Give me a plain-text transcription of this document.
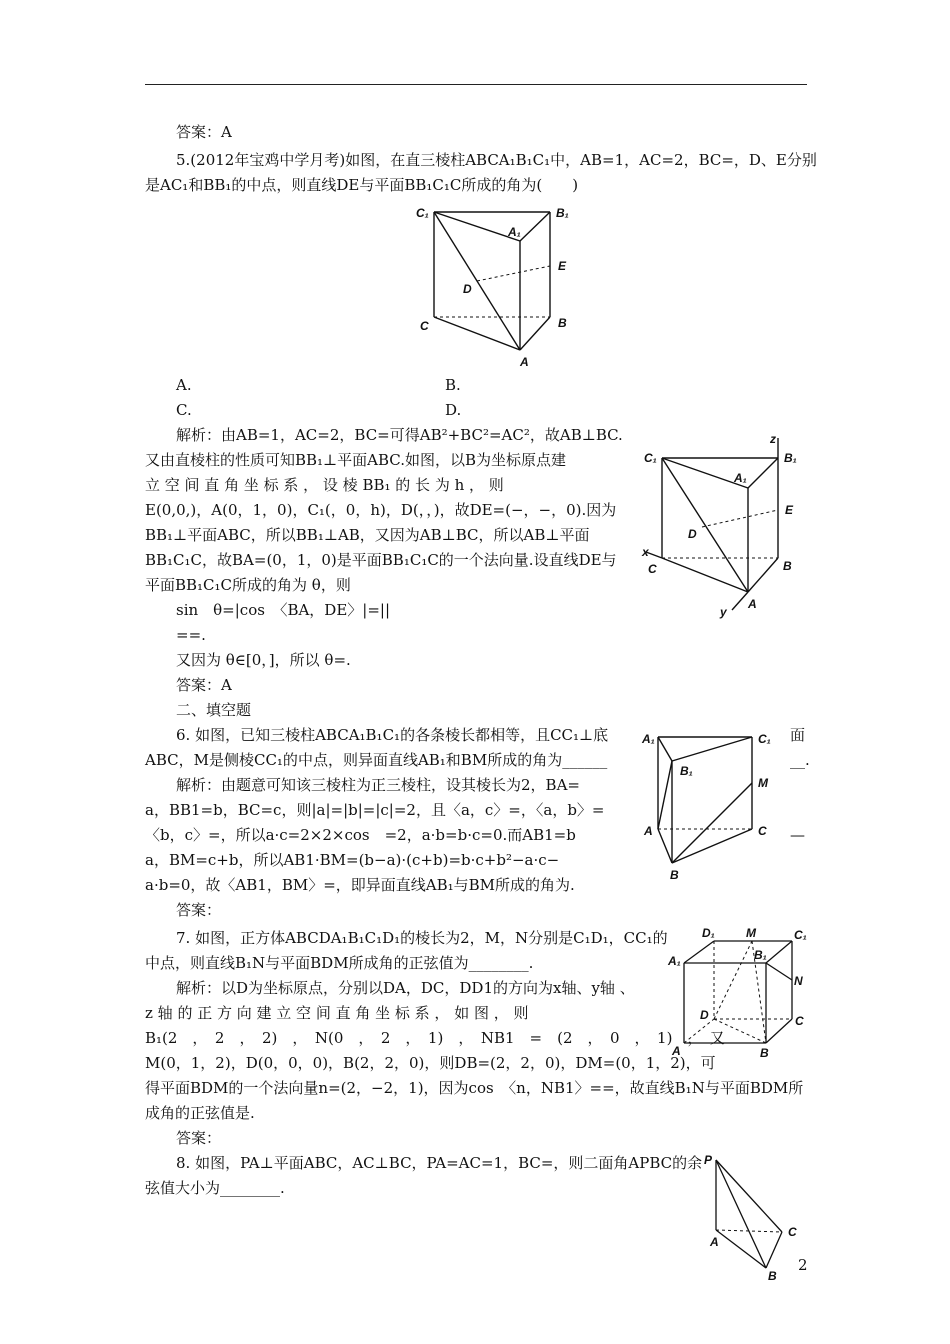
答案：A
5.(2012年宝鸡中学月考)如图，在直三棱柱ABCA₁B₁C₁中，AB=1，AC=2，BC=，D、E分别
是AC₁和BB₁的中点，则直线DE与平面BB₁C₁C所成的角为(　　)
C₁	B₁
A₁
E
D
C	B
A
A.	B.
C.	D.
解析：由AB=1，AC=2，BC=可得AB²+BC²=AC²，故AB⊥BC.
又由直棱柱的性质可知BB₁⊥平面ABC.如图，以B为坐标原点建
立 空 间 直 角 坐 标 系 ， 设 棱 BB₁ 的 长 为 h ， 则
E(0,0,)，A(0，1，0)，C₁(，0，h)，D(，，)，故DE=(−，−，0).因为
BB₁⊥平面ABC，所以BB₁⊥AB，又因为AB⊥BC，所以AB⊥平面
BB₁C₁C，故BA=(0，1，0)是平面BB₁C₁C的一个法向量.设直线DE与
平面BB₁C₁C所成的角为 θ，则
sin　θ=|cos　〈BA，DE〉|=||
==.
又因为 θ∈[0，]，所以 θ=.
答案：A
z
C₁	B₁
A₁
E
D
x
C	B
y
A
二、填空题
6. 如图，已知三棱柱ABCA₁B₁C₁的各条棱长都相等，且CC₁⊥底	面
ABC，M是侧棱CC₁的中点，则异面直线AB₁和BM所成的角为______	__.
解析：由题意可知该三棱柱为正三棱柱，设其棱长为2，BA=
a，BB1=b，BC=c，则|a|=|b|=|c|=2，且〈a，c〉=，〈a，b〉=
〈b，c〉=，所以a·c=2×2×cos　=2，a·b=b·c=0.而AB1=b	—
a，BM=c+b，所以AB1·BM=(b−a)·(c+b)=b·c+b²−a·c−
a·b=0，故〈AB1，BM〉=，即异面直线AB₁与BM所成的角为.
答案：
A₁	C₁
B₁
M
A	C
B
7. 如图，正方体ABCDA₁B₁C₁D₁的棱长为2，M，N分别是C₁D₁，CC₁的
中点，则直线B₁N与平面BDM所成角的正弦值为________.
解析：以D为坐标原点，分别以DA，DC，DD1的方向为x轴、y轴 、
z 轴 的 正 方 向 建 立 空 间 直 角 坐 标 系 ， 如 图 ， 则
B₁(2　，　2　，　2)　，　N(0　，　2　，　1)　，　NB1　=　(2　，　0　，　1)　，　又
M(0，1，2)，D(0，0，0)，B(2，2，0)，则DB=(2，2，0)，DM=(0，1，2)，可
得平面BDM的一个法向量n=(2，−2，1)，因为cos　〈n，NB1〉==，故直线B₁N与平面BDM所
成角的正弦值是.
答案：
D₁	M	C₁
A₁	B₁
N
D	C
A	B
8. 如图，PA⊥平面ABC，AC⊥BC，PA=AC=1，BC=，则二面角APBC的余
弦值大小为________.
P
C
A
B
2
